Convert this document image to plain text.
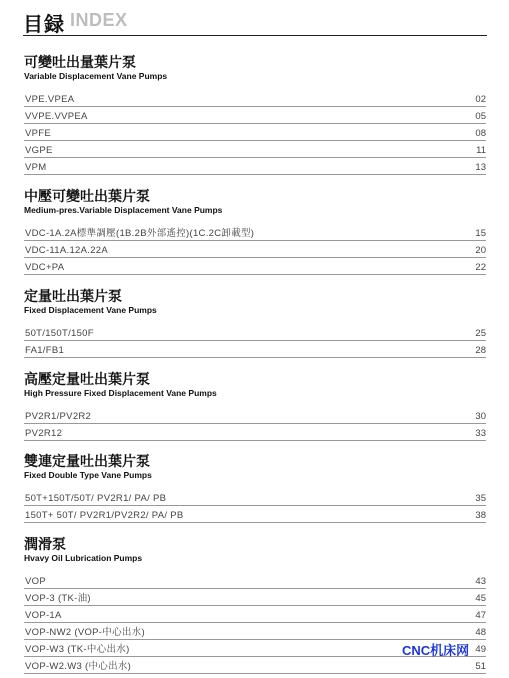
目録 INDEX
可變吐出量葉片泵
Variable Displacement Vane Pumps
VPE.VPEA	02
VVPE.VVPEA	05
VPFE	08
VGPE	11
VPM	13
中壓可變吐出葉片泵
Medium-pres.Variable Displacement Vane Pumps
VDC-1A.2A標準調壓(1B.2B外部遙控)(1C.2C卸載型)	15
VDC-11A.12A.22A	20
VDC+PA	22
定量吐出葉片泵
Fixed Displacement Vane Pumps
50T/150T/150F	25
FA1/FB1	28
高壓定量吐出葉片泵
High Pressure Fixed Displacement Vane Pumps
PV2R1/PV2R2	30
PV2R12	33
雙連定量吐出葉片泵
Fixed Double Type Vane Pumps
50T+150T/50T/ PV2R1/ PA/ PB	35
150T+ 50T/ PV2R1/PV2R2/ PA/ PB	38
潤滑泵
Hvavy Oil Lubrication Pumps
VOP	43
VOP-3 (TK-油)	45
VOP-1A	47
VOP-NW2 (VOP-中心出水)	48
VOP-W3 (TK-中心出水)	49
VOP-W2.W3 (中心出水)	51
CNC机床网
